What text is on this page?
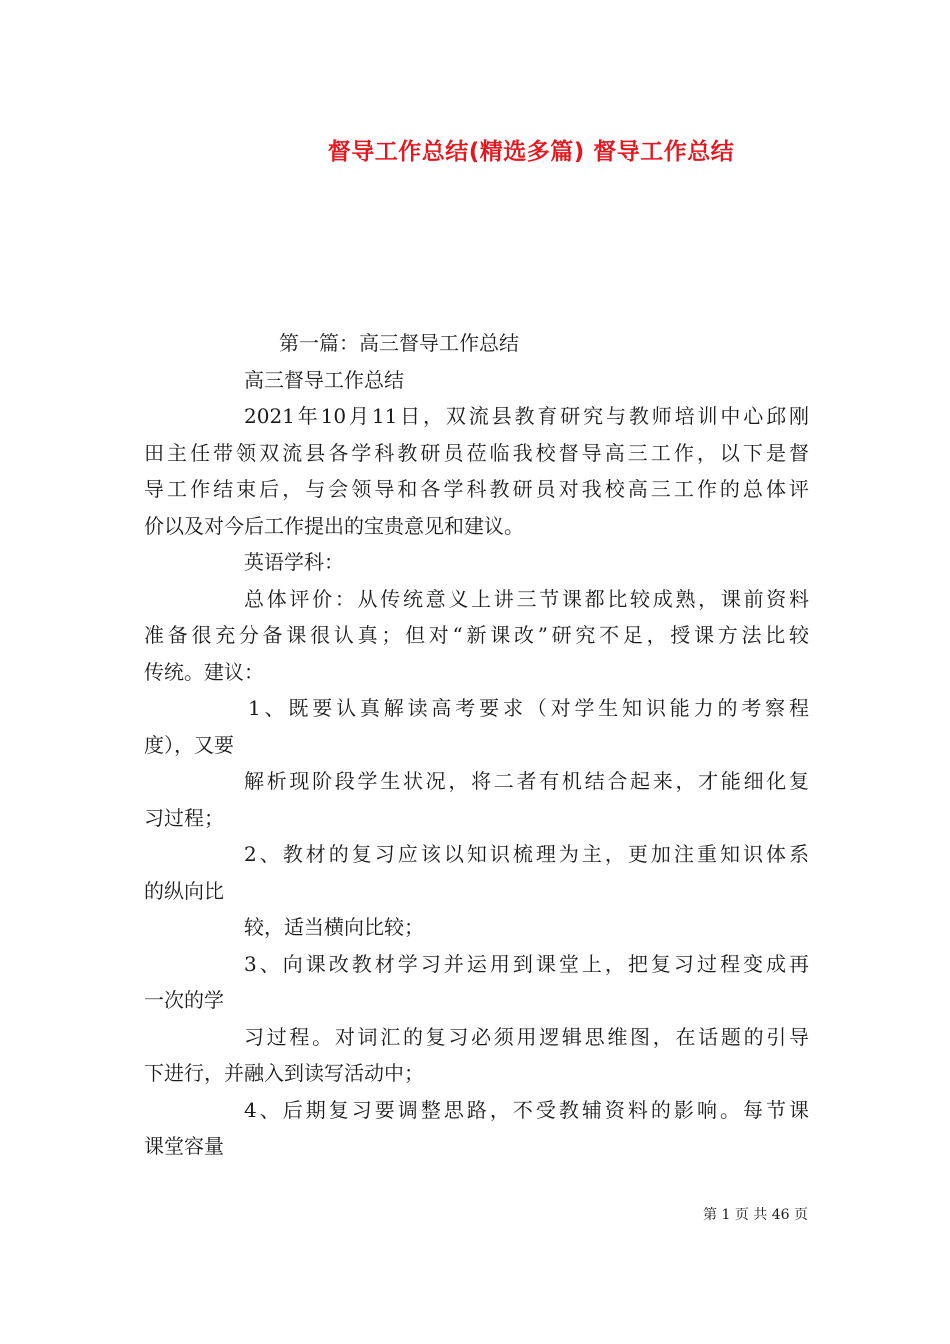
督导工作总结(精选多篇) 督导工作总结
第一篇：高三督导工作总结
高三督导工作总结
2021年10月11日，双流县教育研究与教师培训中心邱刚
田主任带领双流县各学科教研员莅临我校督导高三工作，以下是督
导工作结束后，与会领导和各学科教研员对我校高三工作的总体评
价以及对今后工作提出的宝贵意见和建议。
英语学科：
总体评价：从传统意义上讲三节课都比较成熟，课前资料
准备很充分备课很认真；但对“新课改”研究不足，授课方法比较
传统。建议：
1、既要认真解读高考要求（对学生知识能力的考察程
度），又要
解析现阶段学生状况，将二者有机结合起来，才能细化复
习过程；
2、教材的复习应该以知识梳理为主，更加注重知识体系
的纵向比
较，适当横向比较；
3、向课改教材学习并运用到课堂上，把复习过程变成再
一次的学
习过程。对词汇的复习必须用逻辑思维图，在话题的引导
下进行，并融入到读写活动中；
4、后期复习要调整思路，不受教辅资料的影响。每节课
课堂容量
第 1 页 共 46 页
